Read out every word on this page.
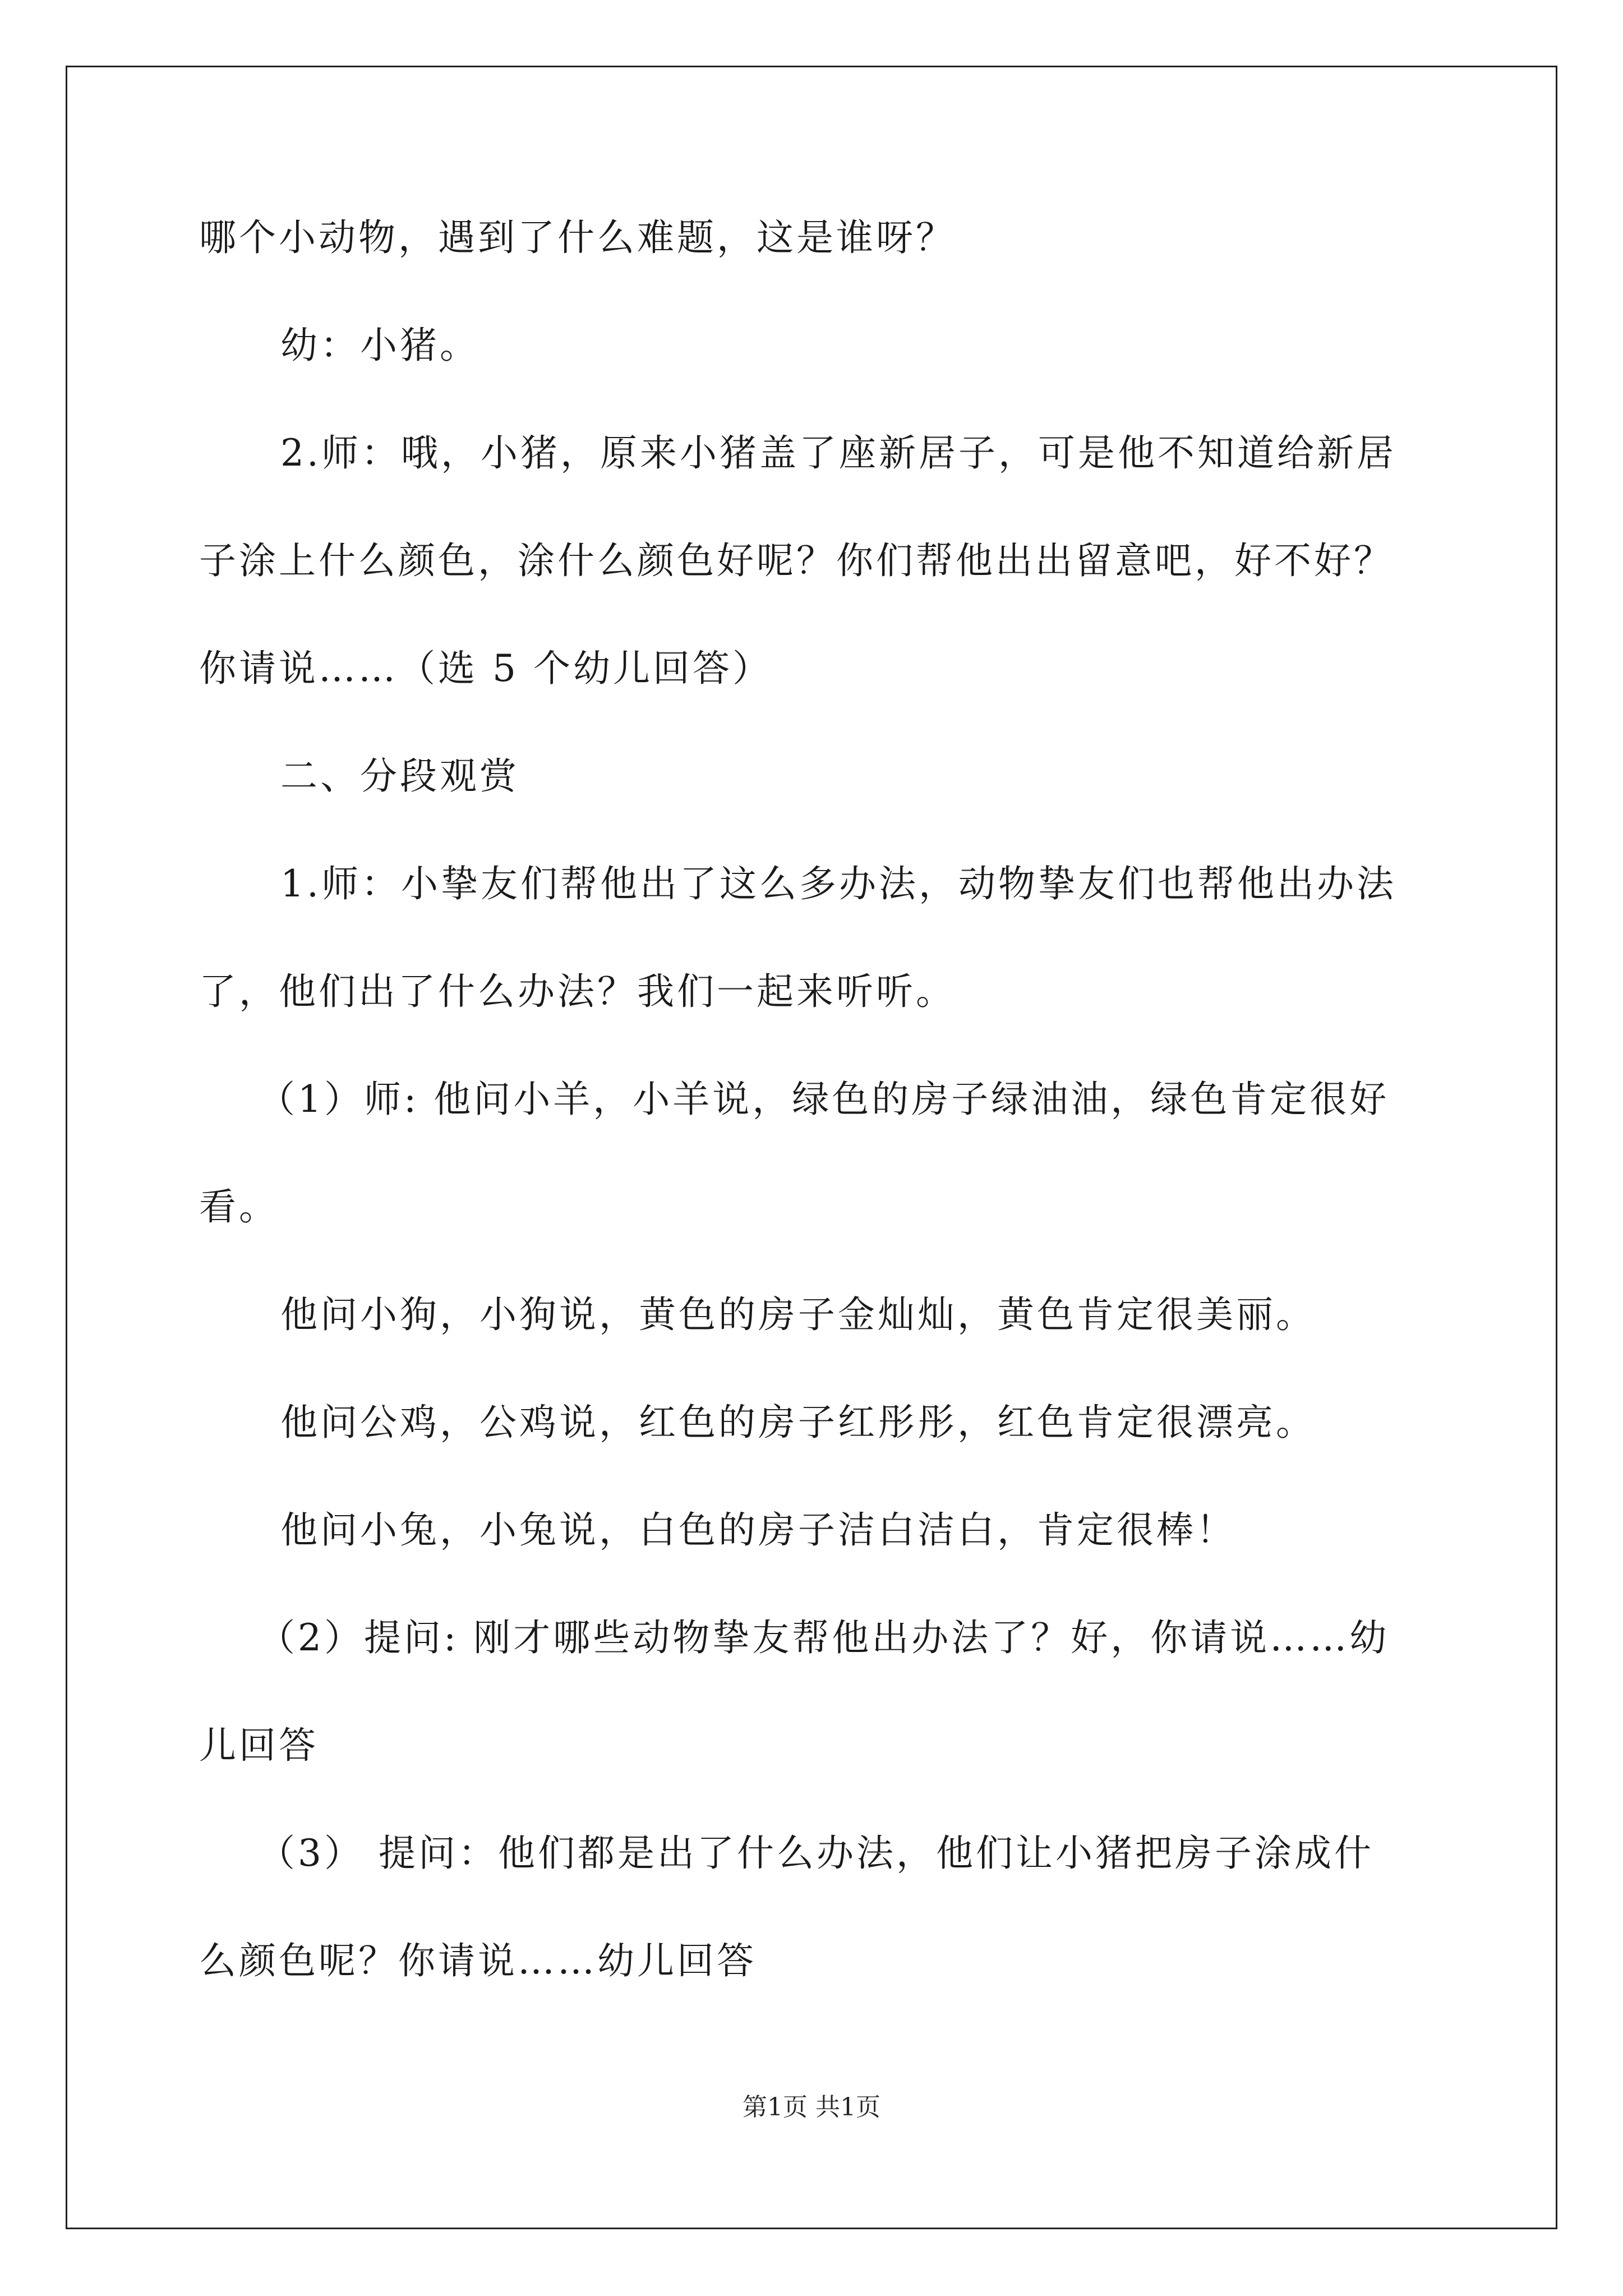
哪个小动物，遇到了什么难题，这是谁呀？
幼：小猪。
2.师：哦，小猪，原来小猪盖了座新居子，可是他不知道给新居
子涂上什么颜色，涂什么颜色好呢？你们帮他出出留意吧，好不好？
你请说……（选 5 个幼儿回答）
二、分段观赏
1.师：小挚友们帮他出了这么多办法，动物挚友们也帮他出办法
了，他们出了什么办法？我们一起来听听。
（1）师: 他问小羊，小羊说，绿色的房子绿油油，绿色肯定很好
看。
他问小狗，小狗说，黄色的房子金灿灿，黄色肯定很美丽。
他问公鸡，公鸡说，红色的房子红彤彤，红色肯定很漂亮。
他问小兔，小兔说，白色的房子洁白洁白，肯定很棒！
（2）提问: 刚才哪些动物挚友帮他出办法了？好，你请说……幼
儿回答
（3） 提问：他们都是出了什么办法，他们让小猪把房子涂成什
么颜色呢？你请说……幼儿回答
第1页 共1页
